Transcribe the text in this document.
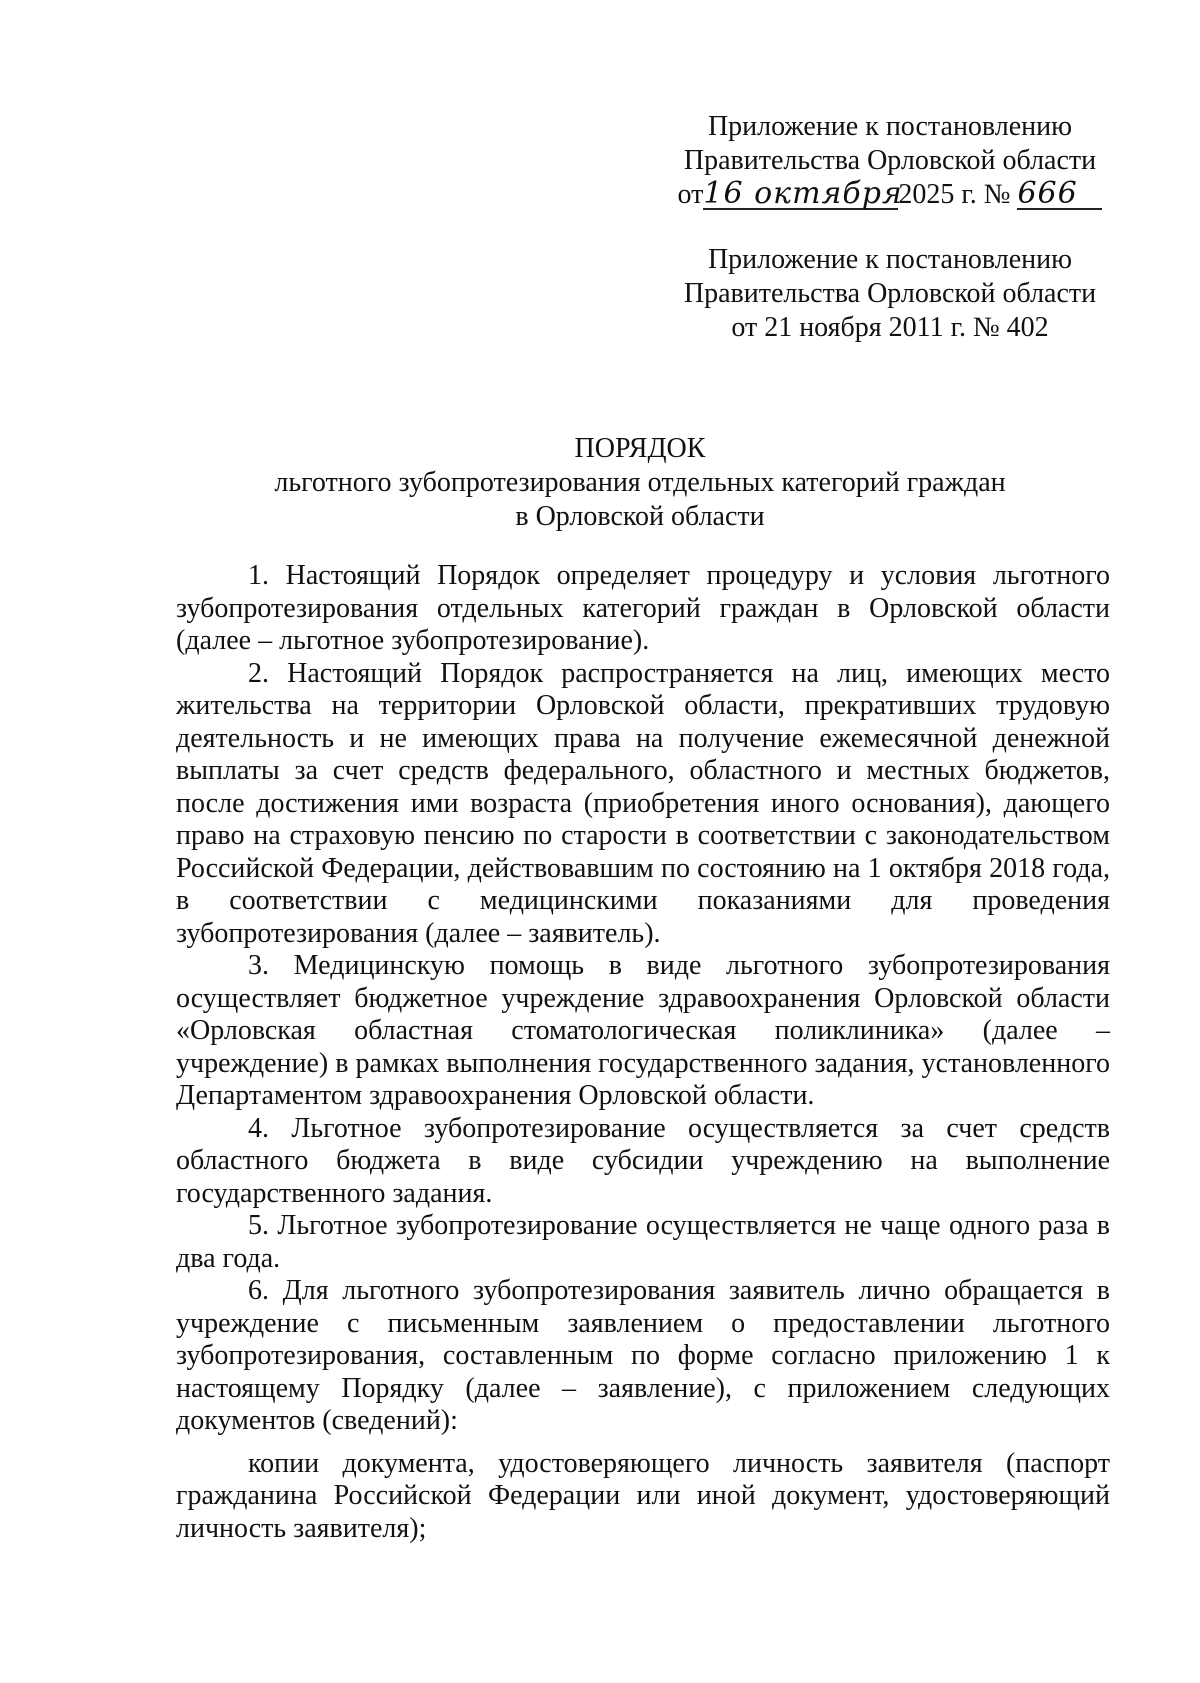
Приложение к постановлению
Правительства Орловской области
от16 октября2025 г. № 666
Приложение к постановлению
Правительства Орловской области
от 21 ноября 2011 г. № 402
ПОРЯДОК
льготного зубопротезирования отдельных категорий граждан
в Орловской области

1. Настоящий Порядок определяет процедуру и условия льготного зубопротезирования отдельных категорий граждан в Орловской области (далее – льготное зубопротезирование).

2. Настоящий Порядок распространяется на лиц, имеющих место жительства на территории Орловской области, прекративших трудовую деятельность и не имеющих права на получение ежемесячной денежной выплаты за счет средств федерального, областного и местных бюджетов, после достижения ими возраста (приобретения иного основания), дающего право на страховую пенсию по старости в соответствии с законодательством Российской Федерации, действовавшим по состоянию на 1 октября 2018 года, в соответствии с медицинскими показаниями для проведения зубопротезирования (далее – заявитель).

3. Медицинскую помощь в виде льготного зубопротезирования осуществляет бюджетное учреждение здравоохранения Орловской области «Орловская областная стоматологическая поликлиника» (далее – учреждение) в рамках выполнения государственного задания, установленного Департаментом здравоохранения Орловской области.

4. Льготное зубопротезирование осуществляется за счет средств областного бюджета в виде субсидии учреждению на выполнение государственного задания.

5. Льготное зубопротезирование осуществляется не чаще одного раза в два года.

6. Для льготного зубопротезирования заявитель лично обращается в учреждение с письменным заявлением о предоставлении льготного зубопротезирования, составленным по форме согласно приложению 1 к настоящему Порядку (далее – заявление), с приложением следующих документов (сведений):

копии документа, удостоверяющего личность заявителя (паспорт гражданина Российской Федерации или иной документ, удостоверяющий личность заявителя);
